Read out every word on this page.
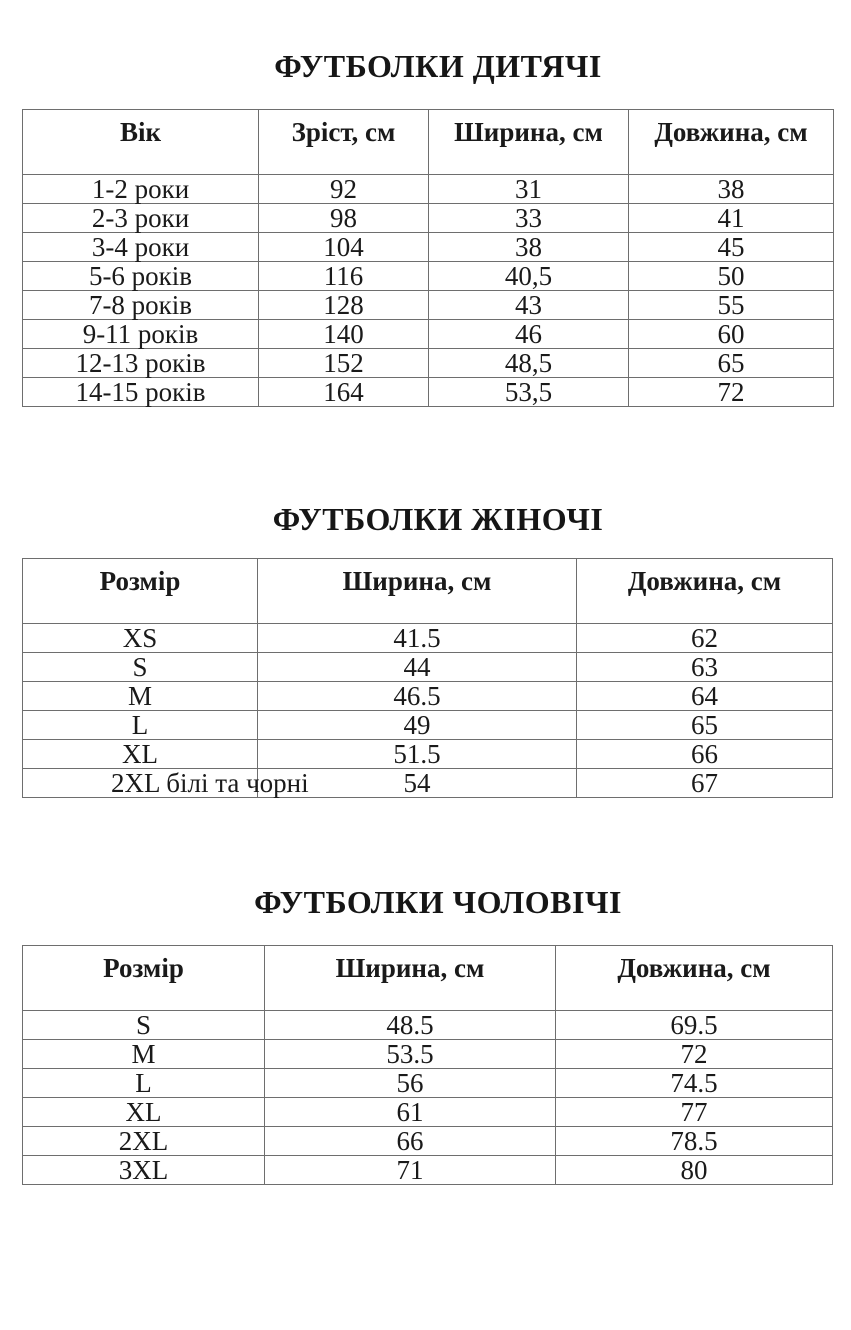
ФУТБОЛКИ ДИТЯЧІ
Вік	Зріст, см	Ширина, см	Довжина, см
1-2 роки	92	31	38
2-3 роки	98	33	41
3-4 роки	104	38	45
5-6 років	116	40,5	50
7-8 років	128	43	55
9-11 років	140	46	60
12-13 років	152	48,5	65
14-15 років	164	53,5	72
ФУТБОЛКИ ЖІНОЧІ
Розмір	Ширина, см	Довжина, см
XS	41.5	62
S	44	63
M	46.5	64
L	49	65
XL	51.5	66
2XL білі та чорні	54	67
ФУТБОЛКИ ЧОЛОВІЧІ
Розмір	Ширина, см	Довжина, см
S	48.5	69.5
M	53.5	72
L	56	74.5
XL	61	77
2XL	66	78.5
3XL	71	80
